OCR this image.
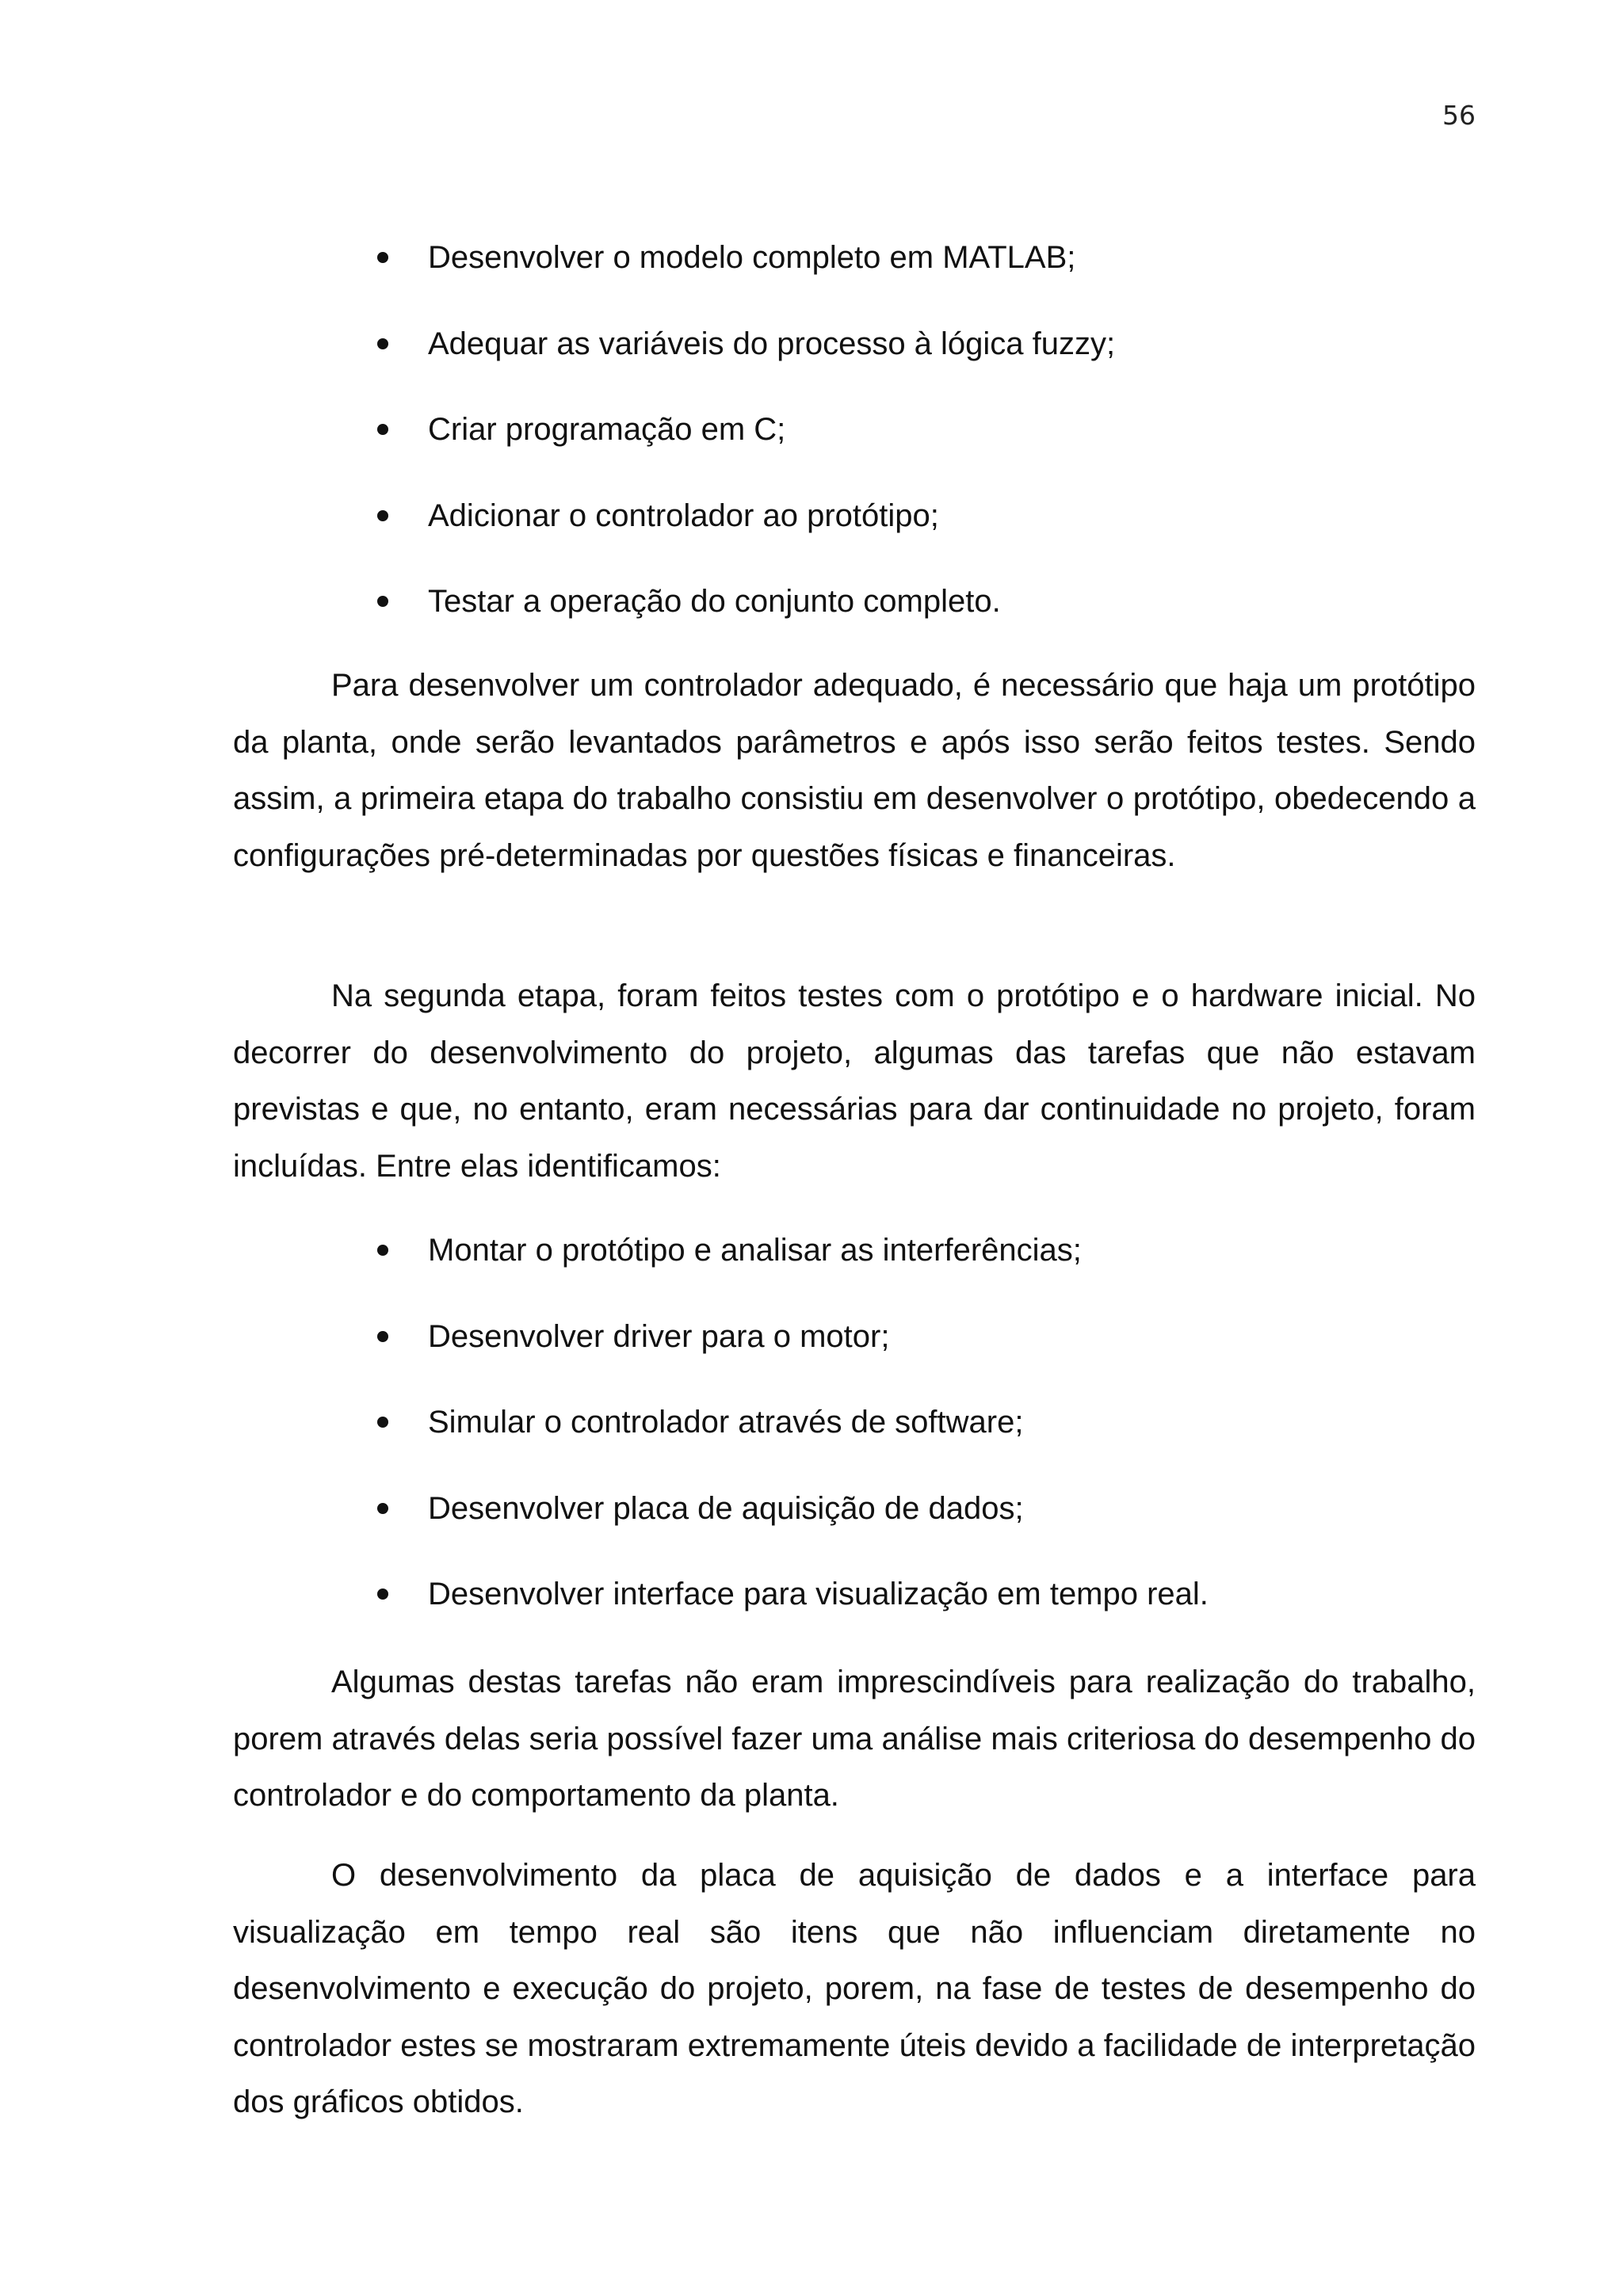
56
Desenvolver o modelo completo em MATLAB;
Adequar as variáveis do processo à lógica fuzzy;
Criar programação em C;
Adicionar o controlador ao protótipo;
Testar a operação do conjunto completo.

Para desenvolver um controlador adequado, é necessário que haja um protótipo da planta, onde serão levantados parâmetros e após isso serão feitos testes. Sendo assim, a primeira etapa do trabalho consistiu em desenvolver o protótipo, obedecendo a configurações pré-determinadas por questões físicas e financeiras.

Na segunda etapa, foram feitos testes com o protótipo e o hardware inicial. No decorrer do desenvolvimento do projeto, algumas das tarefas que não estavam previstas e que, no entanto, eram necessárias para dar continuidade no projeto, foram incluídas. Entre elas identificamos:

Montar o protótipo e analisar as interferências;
Desenvolver driver para o motor;
Simular o controlador através de software;
Desenvolver placa de aquisição de dados;
Desenvolver interface para visualização em tempo real.

Algumas destas tarefas não eram imprescindíveis para realização do trabalho, porem através delas seria possível fazer uma análise mais criteriosa do desempenho do controlador e do comportamento da planta.

O desenvolvimento da placa de aquisição de dados e a interface para visualização em tempo real são itens que não influenciam diretamente no desenvolvimento e execução do projeto, porem, na fase de testes de desempenho do controlador estes se mostraram extremamente úteis devido a facilidade de interpretação dos gráficos obtidos.
